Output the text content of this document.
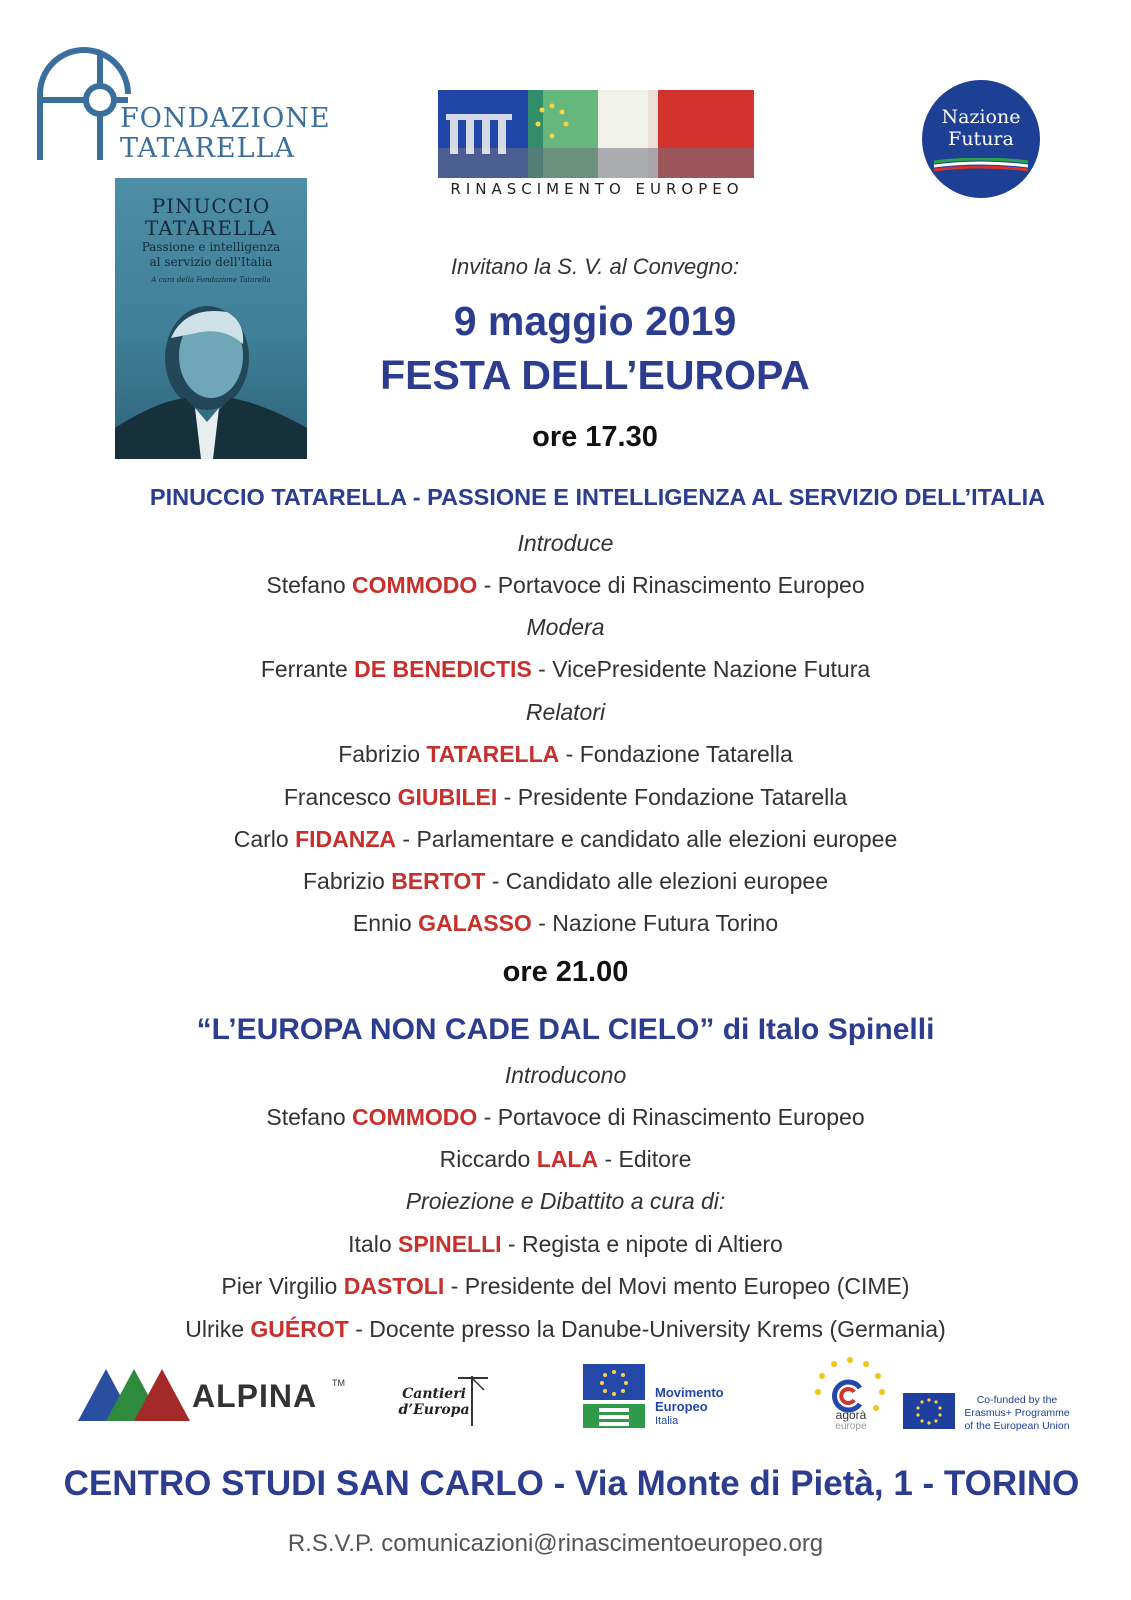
FONDAZIONE
TATARELLA
PINUCCIO
TATARELLA
Passione e intelligenza
al servizio dell'Italia
A cura della Fondazione Tatarella
RINASCIMENTO EUROPEO
Nazione
Futura
Invitano la S. V. al Convegno:
9 maggio 2019
FESTA DELL’EUROPA
ore 17.30
PINUCCIO TATARELLA - PASSIONE E INTELLIGENZA AL SERVIZIO DELL’ITALIA
Introduce
Stefano COMMODO - Portavoce di Rinascimento Europeo
Modera
Ferrante DE BENEDICTIS - VicePresidente Nazione Futura
Relatori
Fabrizio TATARELLA - Fondazione Tatarella
Francesco GIUBILEI - Presidente Fondazione Tatarella
Carlo FIDANZA - Parlamentare e candidato alle elezioni europee
Fabrizio BERTOT - Candidato alle elezioni europee
Ennio GALASSO - Nazione Futura Torino
ore 21.00
“L’EUROPA NON CADE DAL CIELO” di Italo Spinelli
Introducono
Stefano COMMODO - Portavoce di Rinascimento Europeo
Riccardo LALA - Editore
Proiezione e Dibattito a cura di:
Italo SPINELLI - Regista e nipote di Altiero
Pier Virgilio DASTOLI - Presidente del Movi mento Europeo (CIME)
Ulrike GUÉROT - Docente presso la Danube-University Krems (Germania)
ALPINA TM
Cantieri
d’Europa
Movimento
Europeo
Italia	agorà
europe
Co-funded by the
Erasmus+ Programme
of the European Union
CENTRO STUDI SAN CARLO - Via Monte di Pietà, 1 - TORINO
R.S.V.P. comunicazioni@rinascimentoeuropeo.org
